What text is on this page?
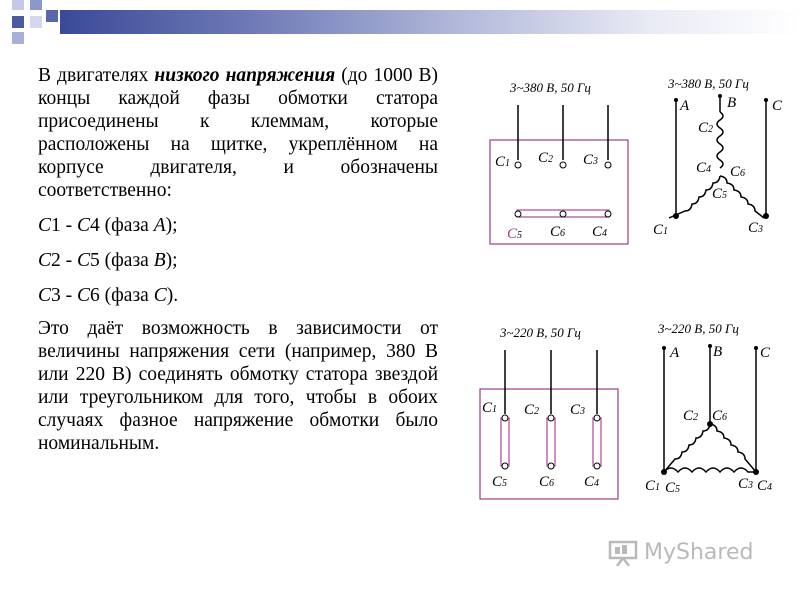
В двигателях низкого напряжения (до 1000 В) концы каждой фазы обмотки статора присоединены к клеммам, которые расположены на щитке, укреплённом на корпусе двигателя, и обозначены соответственно:

С1 - С4 (фаза А);

С2 - С5 (фаза В);

С3 - С6 (фаза С).

Это даёт возможность в зависимости от величины напряжения сети (например, 380 В или 220 В) соединять обмотку статора звездой или треугольником для того, чтобы в обоих случаях фазное напряжение обмотки было номинальным.

3~380 В, 50 Гц
C1 C2 C3
C5 C6 C4
3~380 В, 50 Гц
A	B C
C2
C4 C6
C5
C1	C3
3~220 В, 50 Гц
C1 C2 C3
C5 C6 C4
3~220 В, 50 Гц
A B	C
C2 C6
C1 C5	C3 C4
MyShared
